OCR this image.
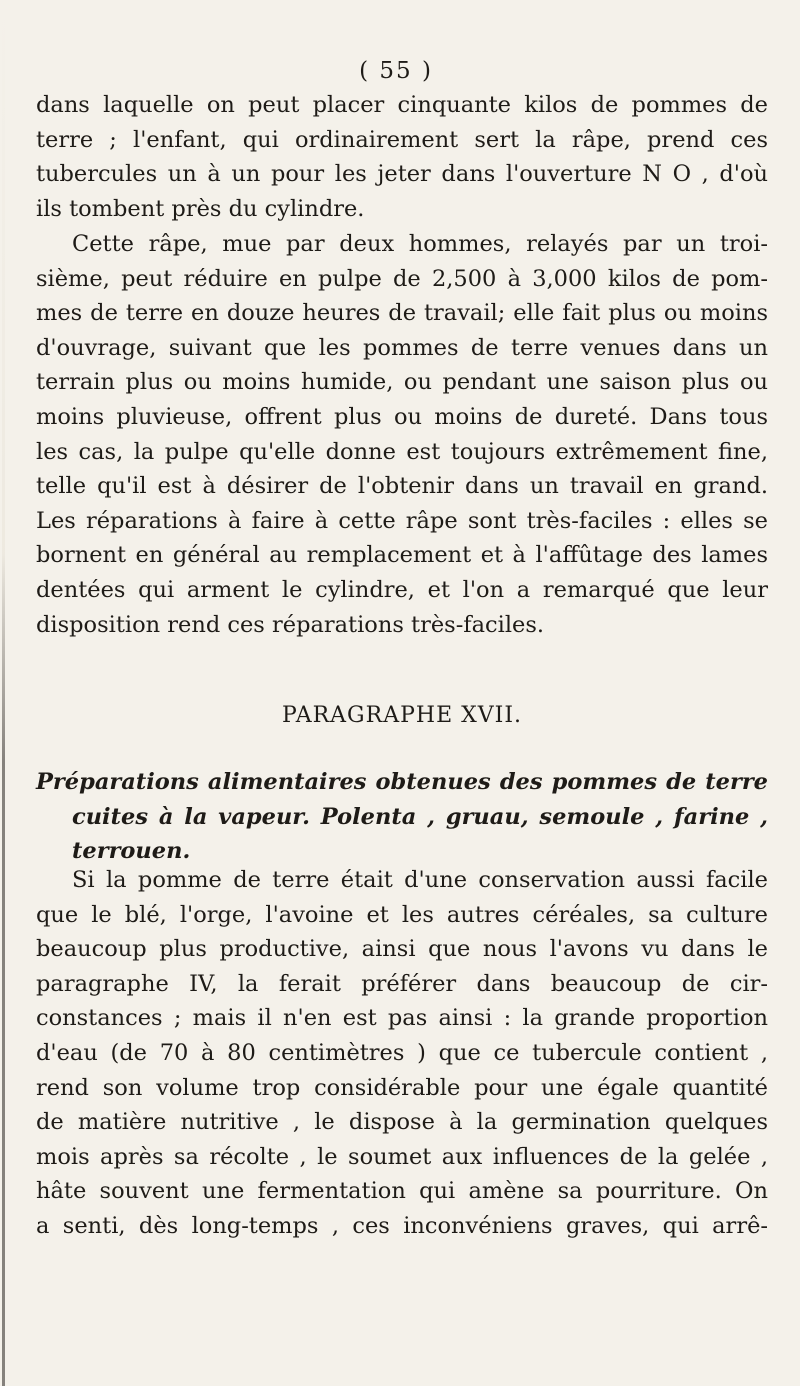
( 55 )
dans laquelle on peut placer cinquante kilos de pommes de
terre ; l'enfant, qui ordinairement sert la râpe, prend ces
tubercules un à un pour les jeter dans l'ouverture N O , d'où
ils tombent près du cylindre.
Cette râpe, mue par deux hommes, relayés par un troi-
sième, peut réduire en pulpe de 2,500 à 3,000 kilos de pom-
mes de terre en douze heures de travail; elle fait plus ou moins
d'ouvrage, suivant que les pommes de terre venues dans un
terrain plus ou moins humide, ou pendant une saison plus ou
moins pluvieuse, offrent plus ou moins de dureté. Dans tous
les cas, la pulpe qu'elle donne est toujours extrêmement fine,
telle qu'il est à désirer de l'obtenir dans un travail en grand.
Les réparations à faire à cette râpe sont très-faciles : elles se
bornent en général au remplacement et à l'affûtage des lames
dentées qui arment le cylindre, et l'on a remarqué que leur
disposition rend ces réparations très-faciles.
PARAGRAPHE XVII.
Préparations alimentaires obtenues des pommes de terre
cuites à la vapeur. Polenta , gruau, semoule , farine ,
terrouen.
Si la pomme de terre était d'une conservation aussi facile
que le blé, l'orge, l'avoine et les autres céréales, sa culture
beaucoup plus productive, ainsi que nous l'avons vu dans le
paragraphe IV, la ferait préférer dans beaucoup de cir-
constances ; mais il n'en est pas ainsi : la grande proportion
d'eau (de 70 à 80 centimètres ) que ce tubercule contient ,
rend son volume trop considérable pour une égale quantité
de matière nutritive , le dispose à la germination quelques
mois après sa récolte , le soumet aux influences de la gelée ,
hâte souvent une fermentation qui amène sa pourriture. On
a senti, dès long-temps , ces inconvéniens graves, qui arrê-
